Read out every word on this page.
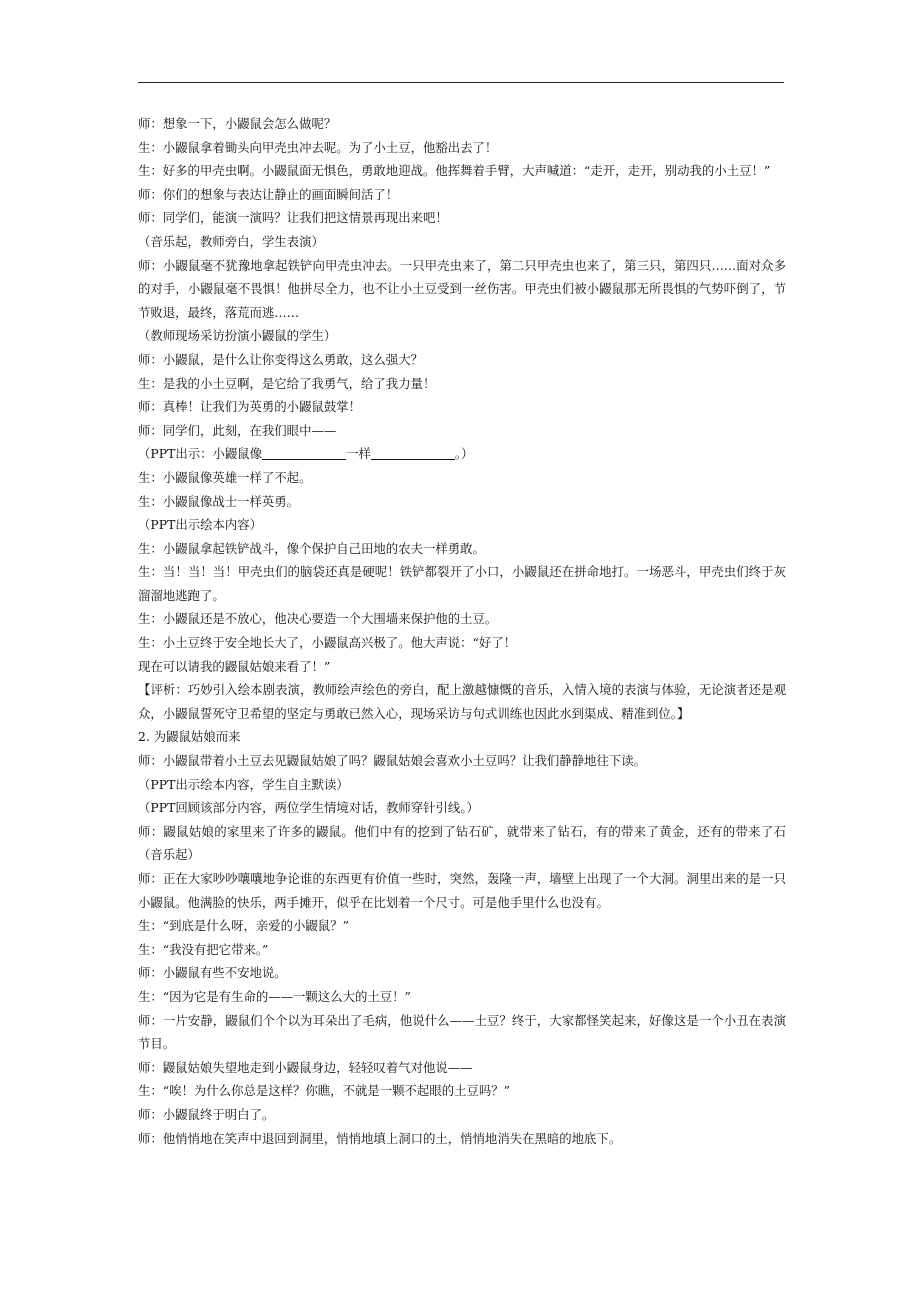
师：想象一下，小鼹鼠会怎么做呢？
生：小鼹鼠拿着锄头向甲壳虫冲去呢。为了小土豆，他豁出去了！
生：好多的甲壳虫啊。小鼹鼠面无惧色，勇敢地迎战。他挥舞着手臂，大声喊道：“走开，走开，别动我的小土豆！”
师：你们的想象与表达让静止的画面瞬间活了！
师：同学们，能演一演吗？让我们把这情景再现出来吧！
（音乐起，教师旁白，学生表演）
师：小鼹鼠毫不犹豫地拿起铁铲向甲壳虫冲去。一只甲壳虫来了，第二只甲壳虫也来了，第三只，第四只……面对众多
的对手，小鼹鼠毫不畏惧！他拼尽全力，也不让小土豆受到一丝伤害。甲壳虫们被小鼹鼠那无所畏惧的气势吓倒了，节
节败退，最终，落荒而逃……
（教师现场采访扮演小鼹鼠的学生）
师：小鼹鼠，是什么让你变得这么勇敢，这么强大？
生：是我的小土豆啊，是它给了我勇气，给了我力量！
师：真棒！让我们为英勇的小鼹鼠鼓掌！
师：同学们，此刻，在我们眼中——
（PPT出示：小鼹鼠像	一样	。）
生：小鼹鼠像英雄一样了不起。
生：小鼹鼠像战士一样英勇。
（PPT出示绘本内容）
生：小鼹鼠拿起铁铲战斗，像个保护自己田地的农夫一样勇敢。
生：当！当！当！甲壳虫们的脑袋还真是硬呢！铁铲都裂开了小口，小鼹鼠还在拼命地打。一场恶斗，甲壳虫们终于灰
溜溜地逃跑了。
生：小鼹鼠还是不放心，他决心要造一个大围墙来保护他的土豆。
生：小土豆终于安全地长大了，小鼹鼠高兴极了。他大声说：“好了！
现在可以请我的鼹鼠姑娘来看了！”
【评析：巧妙引入绘本剧表演，教师绘声绘色的旁白，配上激越慷慨的音乐，入情入境的表演与体验，无论演者还是观
众，小鼹鼠誓死守卫希望的坚定与勇敢已然入心，现场采访与句式训练也因此水到渠成、精准到位。】
2. 为鼹鼠姑娘而来
师：小鼹鼠带着小土豆去见鼹鼠姑娘了吗？鼹鼠姑娘会喜欢小土豆吗？让我们静静地往下读。
（PPT出示绘本内容，学生自主默读）
（PPT回顾该部分内容，两位学生情境对话，教师穿针引线。）
师：鼹鼠姑娘的家里来了许多的鼹鼠。他们中有的挖到了钻石矿，就带来了钻石，有的带来了黄金，还有的带来了石
（音乐起）
师：正在大家吵吵嚷嚷地争论谁的东西更有价值一些时，突然，轰隆一声，墙壁上出现了一个大洞。洞里出来的是一只
小鼹鼠。他满脸的快乐，两手摊开，似乎在比划着一个尺寸。可是他手里什么也没有。
生：“到底是什么呀，亲爱的小鼹鼠？”
生：“我没有把它带来。”
师：小鼹鼠有些不安地说。
生：“因为它是有生命的——一颗这么大的土豆！”
师：一片安静，鼹鼠们个个以为耳朵出了毛病，他说什么——土豆？终于，大家都怪笑起来，好像这是一个小丑在表演
节目。
师：鼹鼠姑娘失望地走到小鼹鼠身边，轻轻叹着气对他说——
生：“唉！为什么你总是这样？你瞧，不就是一颗不起眼的土豆吗？”
师：小鼹鼠终于明白了。
师：他悄悄地在笑声中退回到洞里，悄悄地填上洞口的土，悄悄地消失在黑暗的地底下。
